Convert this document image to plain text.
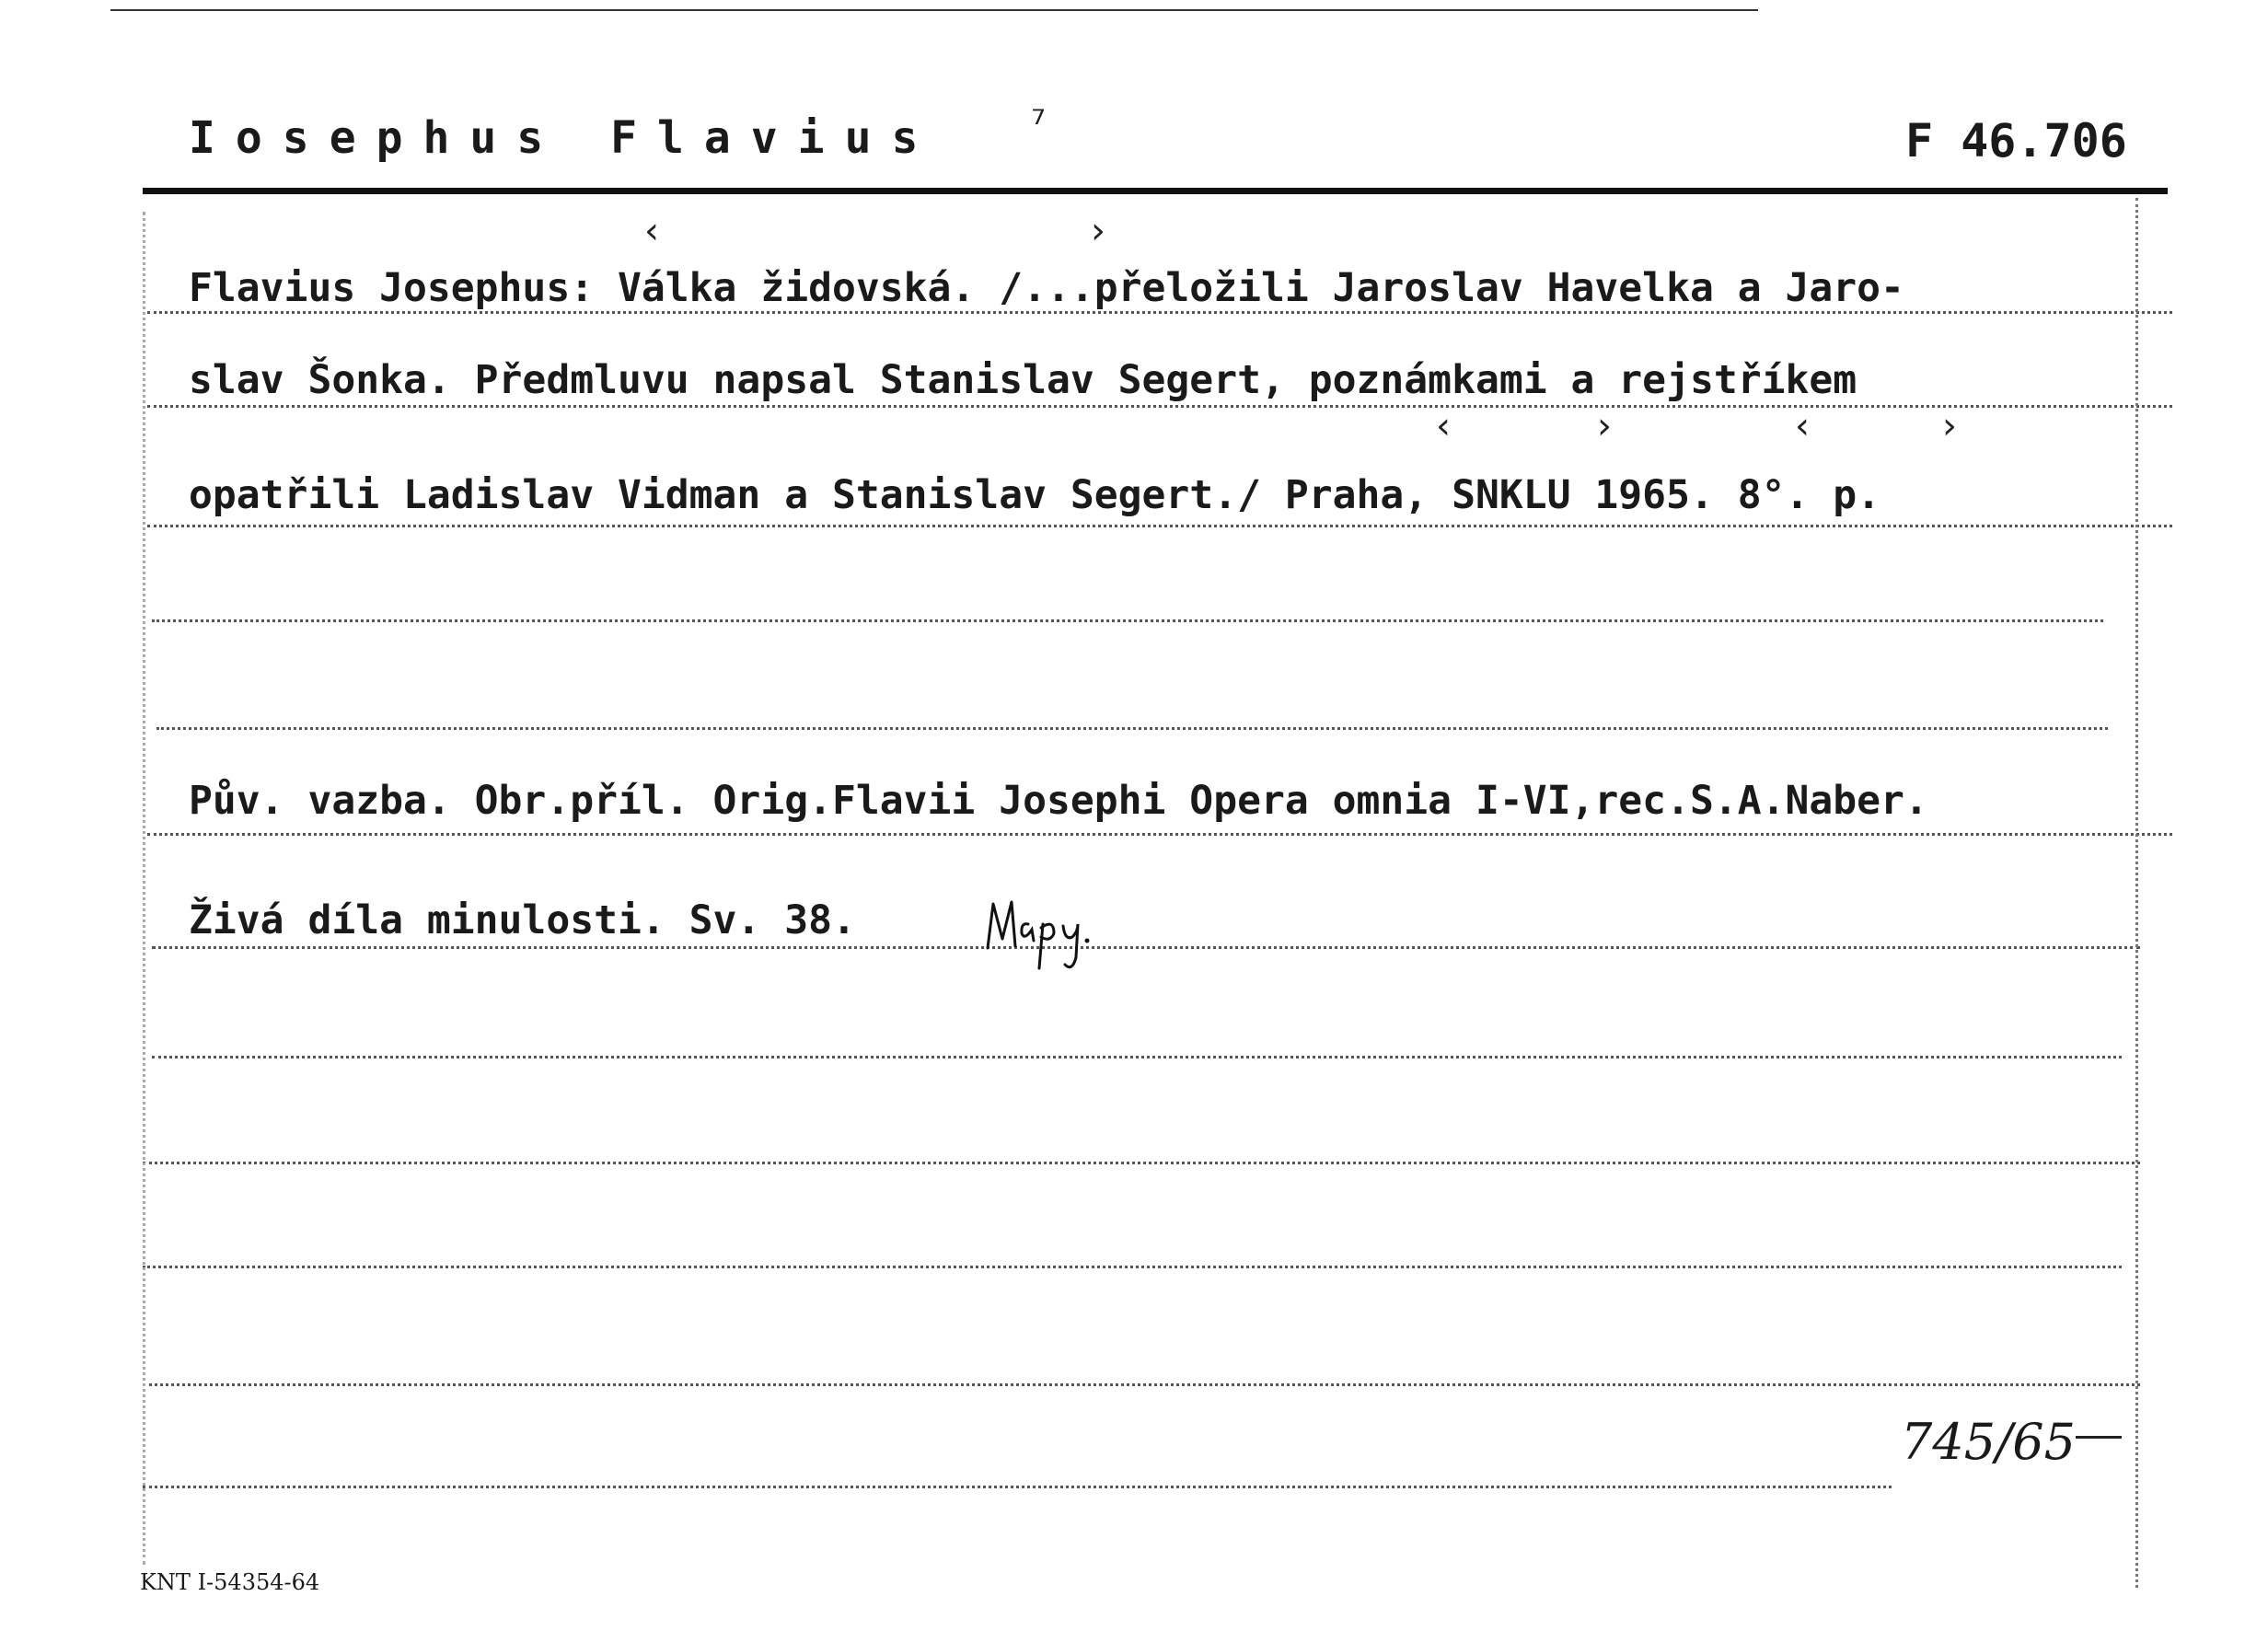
Iosephus Flavius	⁷	F 46.706
‹	›
‹	›	‹	›
Flavius Josephus: Válka židovská. /...přeložili Jaroslav Havelka a Jaro-
slav Šonka. Předmluvu napsal Stanislav Segert, poznámkami a rejstříkem
opatřili Ladislav Vidman a Stanislav Segert./ Praha, SNKLU 1965. 8°. p.
Pův. vazba. Obr.příl. Orig.Flavii Josephi Opera omnia I-VI,rec.S.A.Naber.
Živá díla minulosti. Sv. 38.
745/65
KNT I-54354-64
